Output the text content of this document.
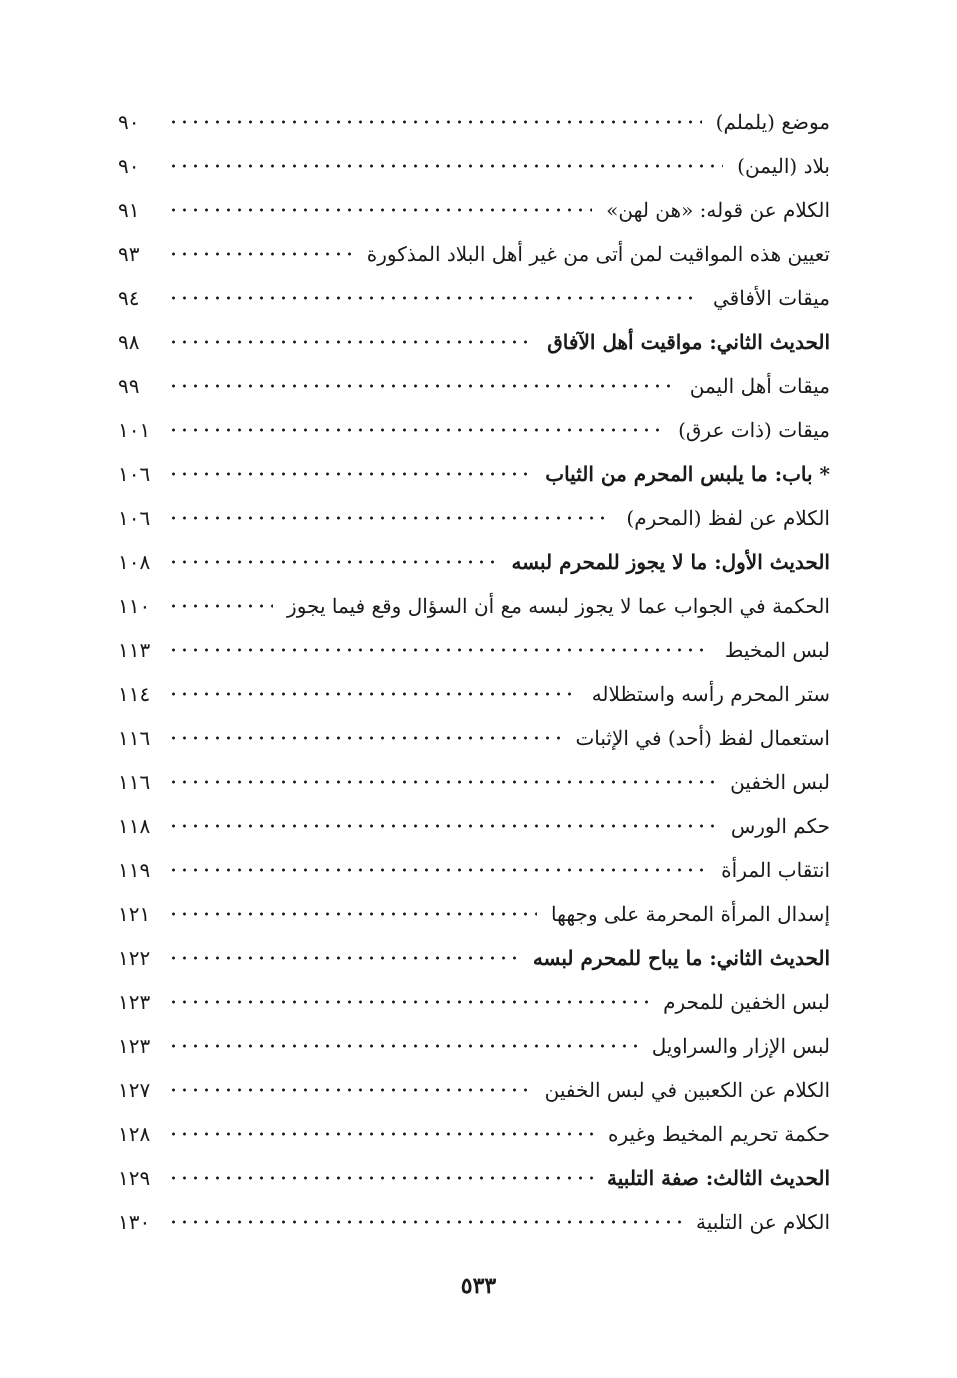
موضع (يلملم)
٩٠
بلاد (اليمن)
٩٠
الكلام عن قوله: «هن لهن»
٩١
تعيين هذه المواقيت لمن أتى من غير أهل البلاد المذكورة
٩٣
ميقات الأفاقي
٩٤
الحديث الثاني: مواقيت أهل الآفاق
٩٨
ميقات أهل اليمن
٩٩
ميقات (ذات عرق)
١٠١
* باب: ما يلبس المحرم من الثياب
١٠٦
الكلام عن لفظ (المحرم)
١٠٦
الحديث الأول: ما لا يجوز للمحرم لبسه
١٠٨
الحكمة في الجواب عما لا يجوز لبسه مع أن السؤال وقع فيما يجوز
١١٠
لبس المخيط
١١٣
ستر المحرم رأسه واستظلاله
١١٤
استعمال لفظ (أحد) في الإثبات
١١٦
لبس الخفين
١١٦
حكم الورس
١١٨
انتقاب المرأة
١١٩
إسدال المرأة المحرمة على وجهها
١٢١
الحديث الثاني: ما يباح للمحرم لبسه
١٢٢
لبس الخفين للمحرم
١٢٣
لبس الإزار والسراويل
١٢٣
الكلام عن الكعبين في لبس الخفين
١٢٧
حكمة تحريم المخيط وغيره
١٢٨
الحديث الثالث: صفة التلبية
١٢٩
الكلام عن التلبية
١٣٠
٥٣٣
